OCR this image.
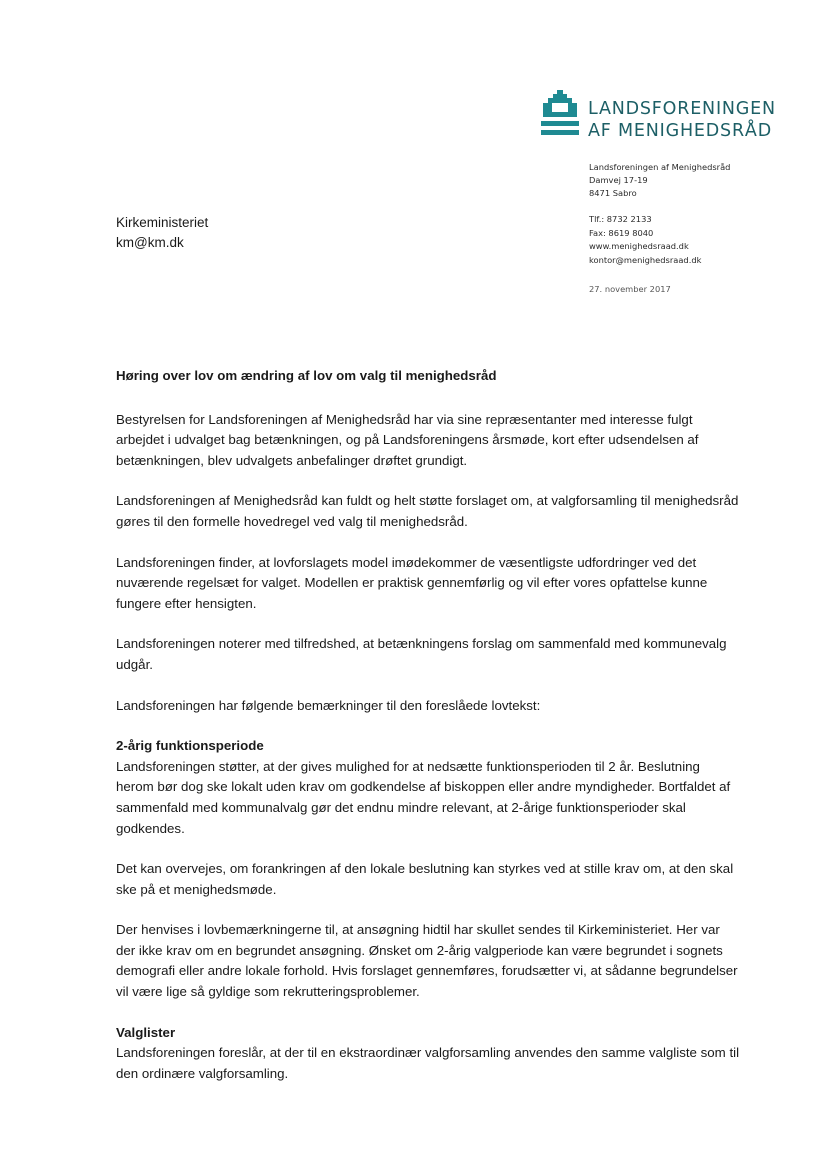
LANDSFORENINGEN
AF MENIGHEDSRÅD
Landsforeningen af Menighedsråd
Damvej 17-19
8471 Sabro
Tlf.: 8732 2133
Fax: 8619 8040
www.menighedsraad.dk
kontor@menighedsraad.dk
27. november 2017
Kirkeministeriet
km@km.dk

Høring over lov om ændring af lov om valg til menighedsråd

Bestyrelsen for Landsforeningen af Menighedsråd har via sine repræsentanter med interesse fulgt arbejdet i udvalget bag betænkningen, og på Landsforeningens årsmøde, kort efter udsendelsen af betænkningen, blev udvalgets anbefalinger drøftet grundigt.

Landsforeningen af Menighedsråd kan fuldt og helt støtte forslaget om, at valgforsamling til menighedsråd gøres til den formelle hovedregel ved valg til menighedsråd.

Landsforeningen finder, at lovforslagets model imødekommer de væsentligste udfordringer ved det nuværende regelsæt for valget. Modellen er praktisk gennemførlig og vil efter vores opfattelse kunne fungere efter hensigten.

Landsforeningen noterer med tilfredshed, at betænkningens forslag om sammenfald med kommunevalg udgår.

Landsforeningen har følgende bemærkninger til den foreslåede lovtekst:

2-årig funktionsperiode

Landsforeningen støtter, at der gives mulighed for at nedsætte funktionsperioden til 2 år. Beslutning herom bør dog ske lokalt uden krav om godkendelse af biskoppen eller andre myndigheder. Bortfaldet af sammenfald med kommunalvalg gør det endnu mindre relevant, at 2-årige funktionsperioder skal godkendes.

Det kan overvejes, om forankringen af den lokale beslutning kan styrkes ved at stille krav om, at den skal ske på et menighedsmøde.

Der henvises i lovbemærkningerne til, at ansøgning hidtil har skullet sendes til Kirkeministeriet. Her var der ikke krav om en begrundet ansøgning. Ønsket om 2-årig valgperiode kan være begrundet i sognets demografi eller andre lokale forhold. Hvis forslaget gennemføres, forudsætter vi, at sådanne begrundelser vil være lige så gyldige som rekrutteringsproblemer.

Valglister

Landsforeningen foreslår, at der til en ekstraordinær valgforsamling anvendes den samme valgliste som til den ordinære valgforsamling.
